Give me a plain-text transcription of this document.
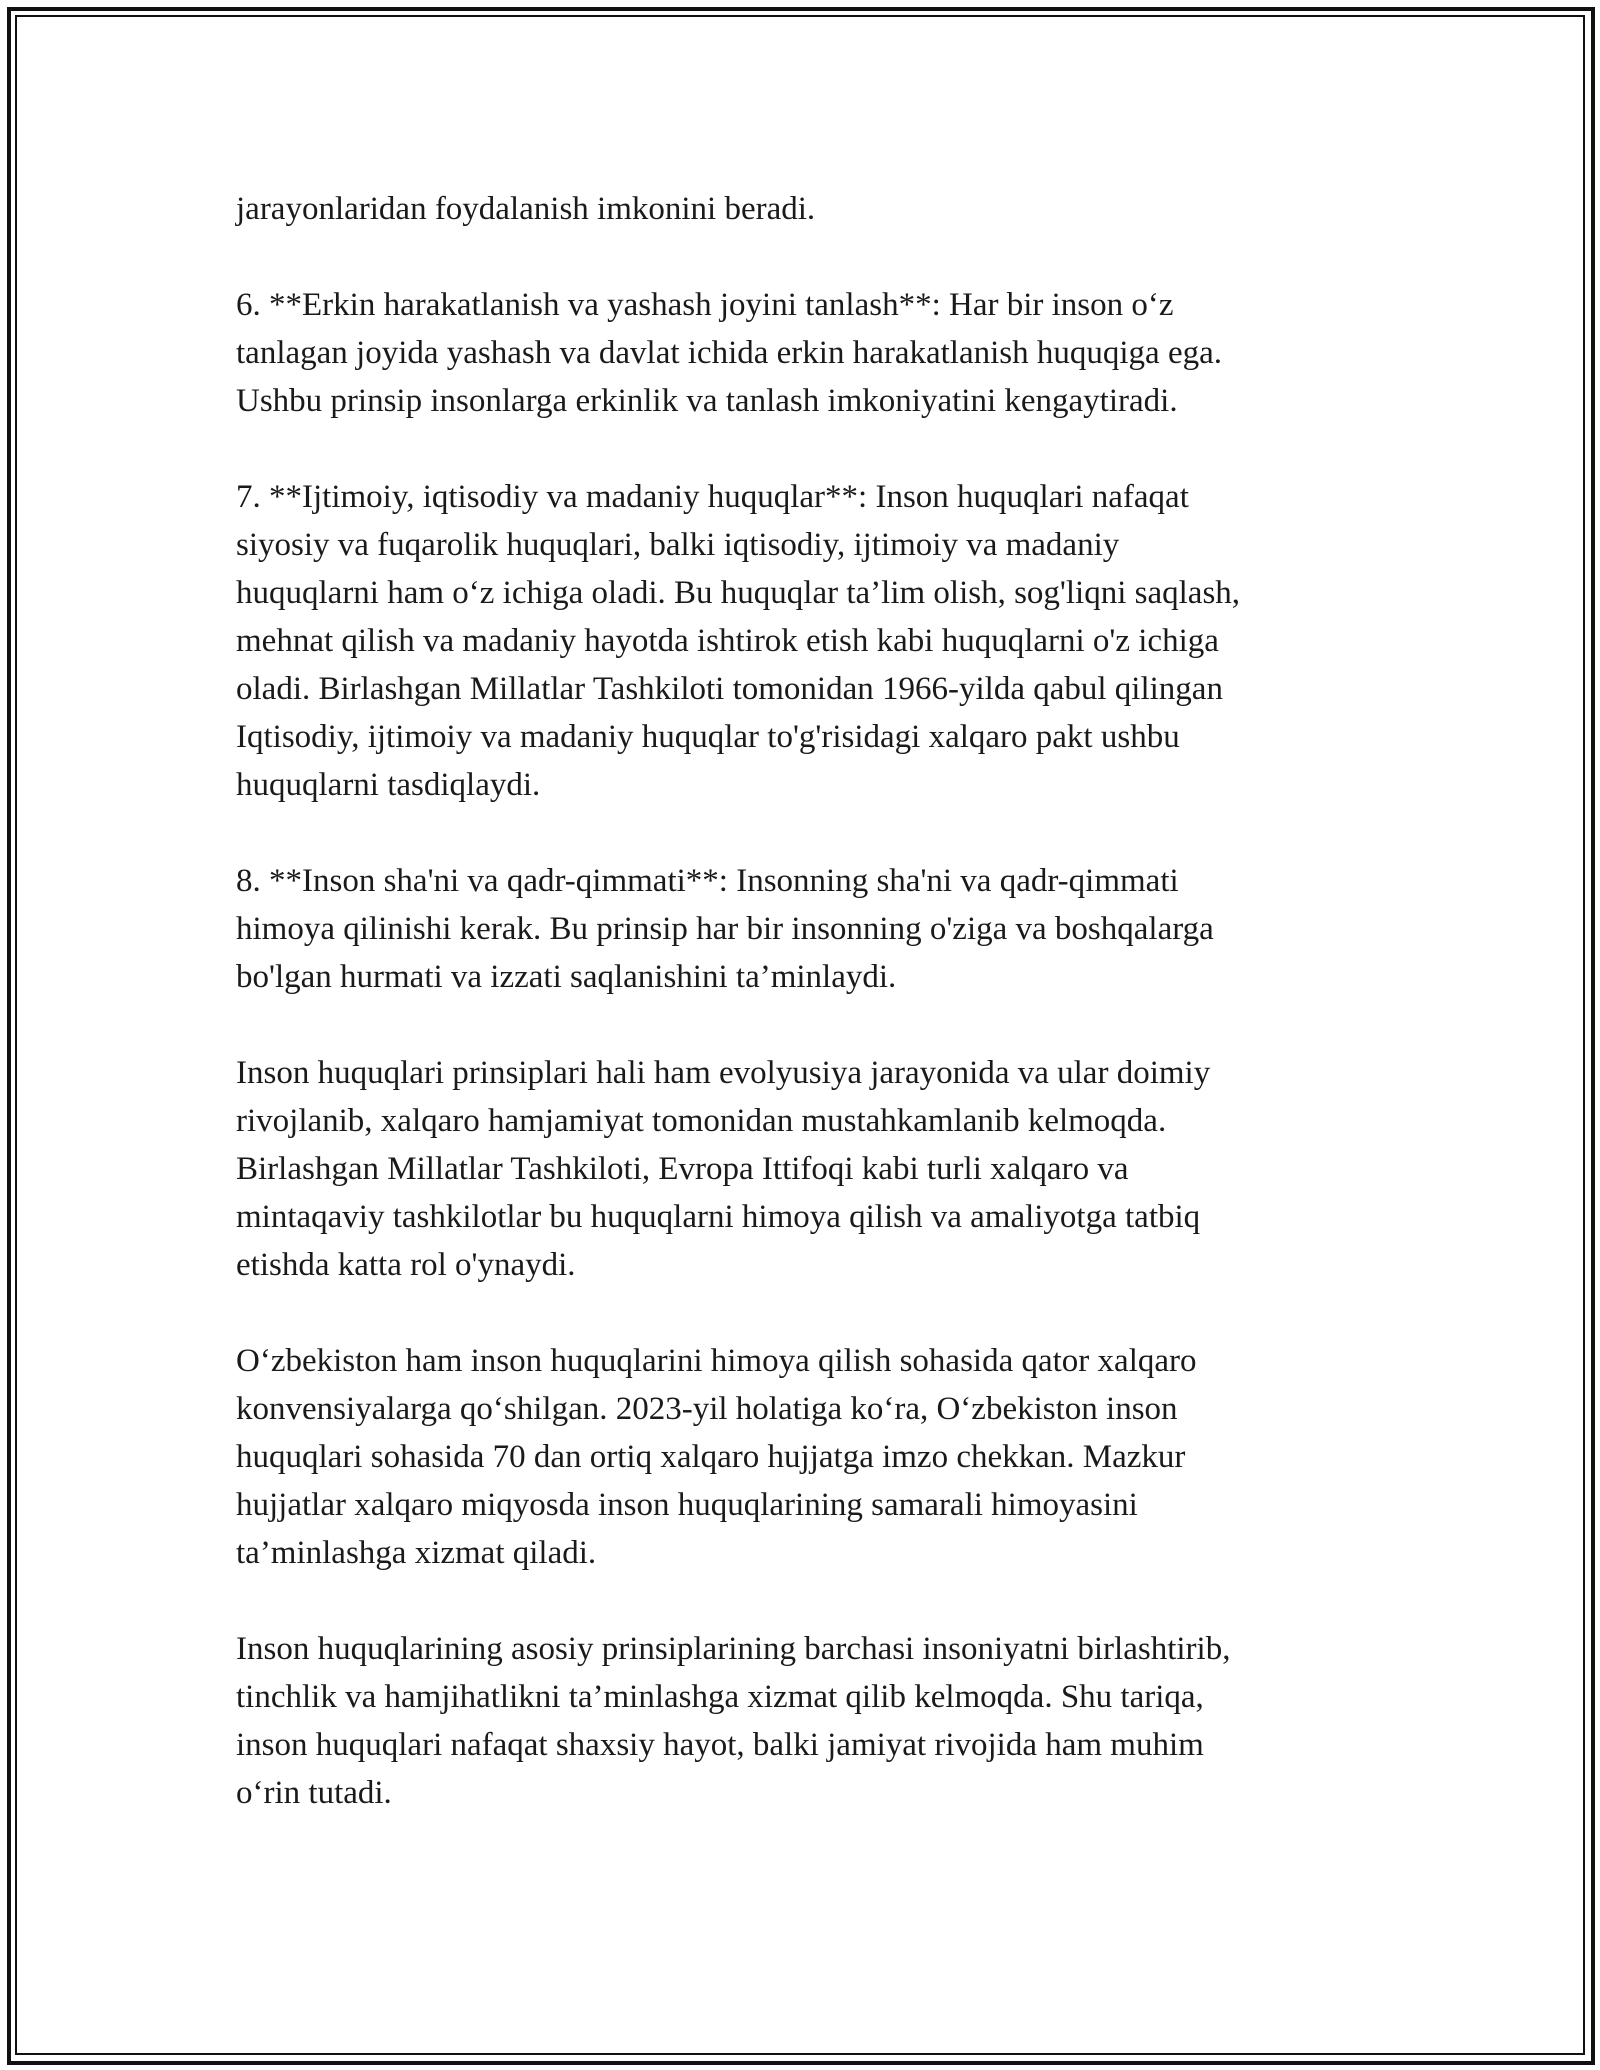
jarayonlaridan foydalanish imkonini beradi.
6. **Erkin harakatlanish va yashash joyini tanlash**: Har bir inson o‘z
tanlagan joyida yashash va davlat ichida erkin harakatlanish huquqiga ega.
Ushbu prinsip insonlarga erkinlik va tanlash imkoniyatini kengaytiradi.
7. **Ijtimoiy, iqtisodiy va madaniy huquqlar**: Inson huquqlari nafaqat
siyosiy va fuqarolik huquqlari, balki iqtisodiy, ijtimoiy va madaniy
huquqlarni ham o‘z ichiga oladi. Bu huquqlar ta’lim olish, sog'liqni saqlash,
mehnat qilish va madaniy hayotda ishtirok etish kabi huquqlarni o'z ichiga
oladi. Birlashgan Millatlar Tashkiloti tomonidan 1966-yilda qabul qilingan
Iqtisodiy, ijtimoiy va madaniy huquqlar to'g'risidagi xalqaro pakt ushbu
huquqlarni tasdiqlaydi.
8. **Inson sha'ni va qadr-qimmati**: Insonning sha'ni va qadr-qimmati
himoya qilinishi kerak. Bu prinsip har bir insonning o'ziga va boshqalarga
bo'lgan hurmati va izzati saqlanishini ta’minlaydi.
Inson huquqlari prinsiplari hali ham evolyusiya jarayonida va ular doimiy
rivojlanib, xalqaro hamjamiyat tomonidan mustahkamlanib kelmoqda.
Birlashgan Millatlar Tashkiloti, Evropa Ittifoqi kabi turli xalqaro va
mintaqaviy tashkilotlar bu huquqlarni himoya qilish va amaliyotga tatbiq
etishda katta rol o'ynaydi.
O‘zbekiston ham inson huquqlarini himoya qilish sohasida qator xalqaro
konvensiyalarga qo‘shilgan. 2023-yil holatiga ko‘ra, O‘zbekiston inson
huquqlari sohasida 70 dan ortiq xalqaro hujjatga imzo chekkan. Mazkur
hujjatlar xalqaro miqyosda inson huquqlarining samarali himoyasini
ta’minlashga xizmat qiladi.
Inson huquqlarining asosiy prinsiplarining barchasi insoniyatni birlashtirib,
tinchlik va hamjihatlikni ta’minlashga xizmat qilib kelmoqda. Shu tariqa,
inson huquqlari nafaqat shaxsiy hayot, balki jamiyat rivojida ham muhim
o‘rin tutadi.
